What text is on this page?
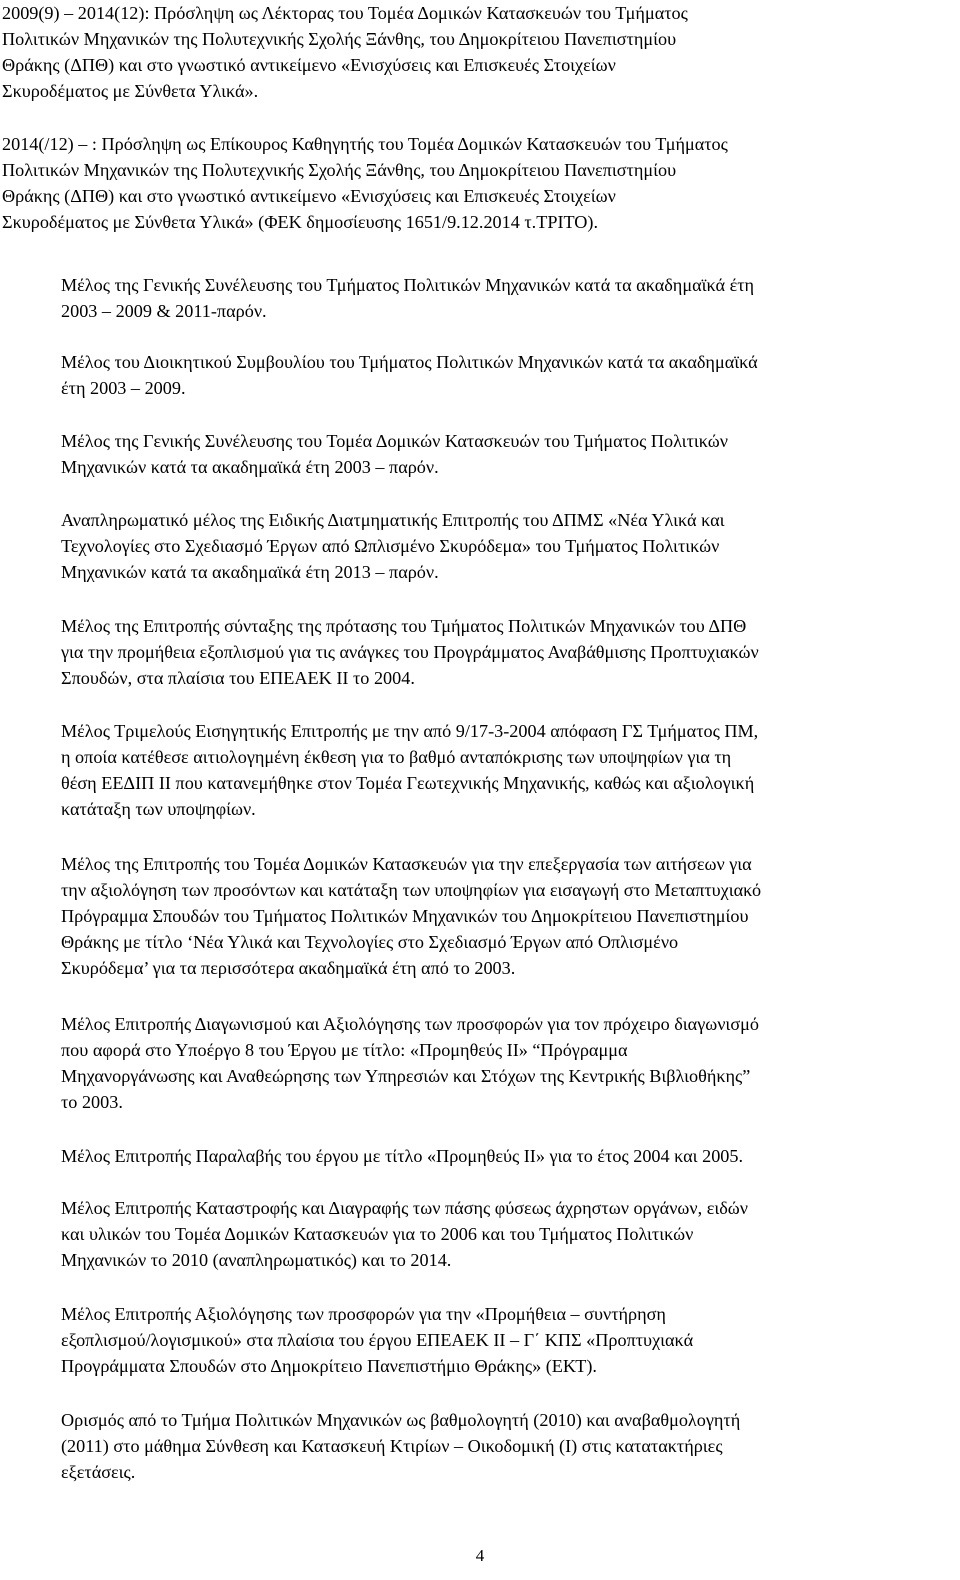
2009(9) – 2014(12): Πρόσληψη ως Λέκτορας του Τομέα Δομικών Κατασκευών του Τμήματος
Πολιτικών Μηχανικών της Πολυτεχνικής Σχολής Ξάνθης, του Δημοκρίτειου Πανεπιστημίου
Θράκης (ΔΠΘ) και στο γνωστικό αντικείμενο «Ενισχύσεις και Επισκευές Στοιχείων
Σκυροδέματος με Σύνθετα Υλικά».

2014(/12) – : Πρόσληψη ως Επίκουρος Καθηγητής του Τομέα Δομικών Κατασκευών του Τμήματος
Πολιτικών Μηχανικών της Πολυτεχνικής Σχολής Ξάνθης, του Δημοκρίτειου Πανεπιστημίου
Θράκης (ΔΠΘ) και στο γνωστικό αντικείμενο «Ενισχύσεις και Επισκευές Στοιχείων
Σκυροδέματος με Σύνθετα Υλικά» (ΦΕΚ δημοσίευσης 1651/9.12.2014 τ.ΤΡΙΤΟ).

Μέλος της Γενικής Συνέλευσης του Τμήματος Πολιτικών Μηχανικών κατά τα ακαδημαϊκά έτη
2003 – 2009 & 2011-παρόν.

Μέλος του Διοικητικού Συμβουλίου του Τμήματος Πολιτικών Μηχανικών κατά τα ακαδημαϊκά
έτη 2003 – 2009.

Μέλος της Γενικής Συνέλευσης του Τομέα Δομικών Κατασκευών του Τμήματος Πολιτικών
Μηχανικών κατά τα ακαδημαϊκά έτη 2003 – παρόν.

Αναπληρωματικό μέλος της Ειδικής Διατμηματικής Επιτροπής του ΔΠΜΣ «Νέα Υλικά και
Τεχνολογίες στο Σχεδιασμό Έργων από Ωπλισμένο Σκυρόδεμα» του Τμήματος Πολιτικών
Μηχανικών κατά τα ακαδημαϊκά έτη 2013 – παρόν.

Μέλος της Επιτροπής σύνταξης της πρότασης του Τμήματος Πολιτικών Μηχανικών του ΔΠΘ
για την προμήθεια εξοπλισμού για τις ανάγκες του Προγράμματος Αναβάθμισης Προπτυχιακών
Σπουδών, στα πλαίσια του ΕΠΕΑΕΚ ΙΙ το 2004.

Μέλος Τριμελούς Εισηγητικής Επιτροπής με την από 9/17-3-2004 απόφαση ΓΣ Τμήματος ΠΜ,
η οποία κατέθεσε αιτιολογημένη έκθεση για το βαθμό ανταπόκρισης των υποψηφίων για τη
θέση ΕΕΔΙΠ ΙΙ που κατανεμήθηκε στον Τομέα Γεωτεχνικής Μηχανικής, καθώς και αξιολογική
κατάταξη των υποψηφίων.

Μέλος της Επιτροπής του Τομέα Δομικών Κατασκευών για την επεξεργασία των αιτήσεων για
την αξιολόγηση των προσόντων και κατάταξη των υποψηφίων για εισαγωγή στο Μεταπτυχιακό
Πρόγραμμα Σπουδών του Τμήματος Πολιτικών Μηχανικών του Δημοκρίτειου Πανεπιστημίου
Θράκης με τίτλο ‘Νέα Υλικά και Τεχνολογίες στο Σχεδιασμό Έργων από Οπλισμένο
Σκυρόδεμα’ για τα περισσότερα ακαδημαϊκά έτη από το 2003.

Μέλος Επιτροπής Διαγωνισμού και Αξιολόγησης των προσφορών για τον πρόχειρο διαγωνισμό
που αφορά στο Υποέργο 8 του Έργου με τίτλο: «Προμηθεύς ΙΙ» “Πρόγραμμα
Μηχανοργάνωσης και Αναθεώρησης των Υπηρεσιών και Στόχων της Κεντρικής Βιβλιοθήκης”
το 2003.

Μέλος Επιτροπής Παραλαβής του έργου με τίτλο «Προμηθεύς ΙΙ» για το έτος 2004 και 2005.

Μέλος Επιτροπής Καταστροφής και Διαγραφής των πάσης φύσεως άχρηστων οργάνων, ειδών
και υλικών του Τομέα Δομικών Κατασκευών για το 2006 και του Τμήματος Πολιτικών
Μηχανικών το 2010 (αναπληρωματικός) και το 2014.

Μέλος Επιτροπής Αξιολόγησης των προσφορών για την «Προμήθεια – συντήρηση
εξοπλισμού/λογισμικού» στα πλαίσια του έργου ΕΠΕΑΕΚ ΙΙ – Γ΄ ΚΠΣ «Προπτυχιακά
Προγράμματα Σπουδών στο Δημοκρίτειο Πανεπιστήμιο Θράκης» (ΕΚΤ).

Ορισμός από το Τμήμα Πολιτικών Μηχανικών ως βαθμολογητή (2010) και αναβαθμολογητή
(2011) στο μάθημα Σύνθεση και Κατασκευή Κτιρίων – Οικοδομική (Ι) στις κατατακτήριες
εξετάσεις.

4
